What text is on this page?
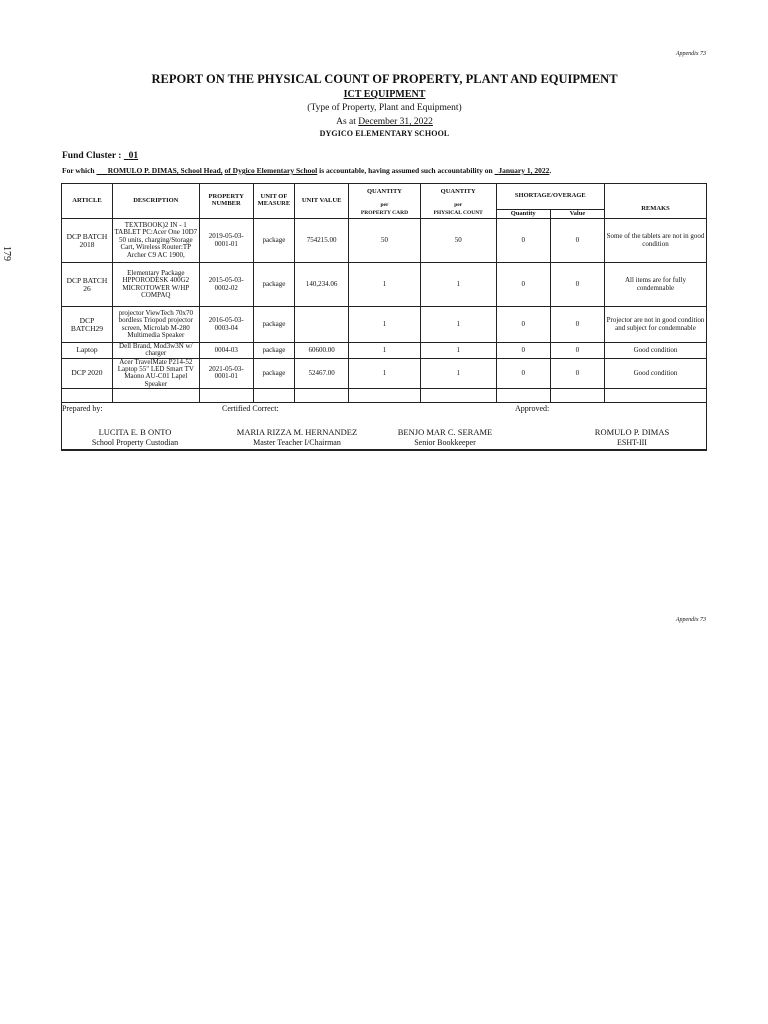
Appendix 73
179
REPORT ON THE PHYSICAL COUNT OF PROPERTY, PLANT AND EQUIPMENT
ICT EQUIPMENT
(Type of Property, Plant and Equipment)
As at December 31, 2022
DYGICO ELEMENTARY SCHOOL
Fund Cluster : 01
For which ROMULO P. DIMAS, School Head, of Dygico Elementary School is accountable, having assumed such accountability on January 1, 2022.
ARTICLE	DESCRIPTION	PROPERTY NUMBER	UNIT OF MEASURE	UNIT VALUE	QUANTITY	QUANTITY	SHORTAGE/OVERAGE		
					per	per			REMAKS
					PROPERTY CARD	PHYSICAL COUNT	Quantity	Value	
DCP BATCH 2018	TEXTBOOK)2 IN - 1 TABLET PC:Acer One 10D7 50 units, charging/Storage Cart, Wireless Router:TP Archer C9 AC 1900,	2019-05-03-0001-01	package	754215.00	50	50	0	0	Some of the tablets are not in good condition
DCP BATCH 26	Elementary Package HPPORODESK 400G2 MICROTOWER W/HP COMPAQ	2015-05-03-0002-02	package	140,234.06	1	1	0	0	All items are for fully condemnable
DCP BATCH29	projector ViewTech 70x70 bordless Triopod projector screen, Microlab M-280 Multimedia Speaker	2016-05-03-0003-04	package		1	1	0	0	Projector are not in good condition and subject for condemnable
Laptop	Dell Brand, Mod3w3N w/ charger	0004-03	package	60600.00	1	1	0	0	Good condition
DCP 2020	Acer TravelMate P214-52 Laptop 55" LED Smart TV Maono AU-C01 Lapel Speaker	2021-05-03-0001-01	package	52467.00	1	1	0	0	Good condition

Prepared by:	Certified Correct:	Approved:
LUCITA E. B ONTO
School Property Custodian
MARIA RIZZA M. HERNANDEZ
Master Teacher I/Chairman
BENJO MAR C. SERAME
Senior Bookkeeper
ROMULO P. DIMAS
ESHT-III
Appendix 73
